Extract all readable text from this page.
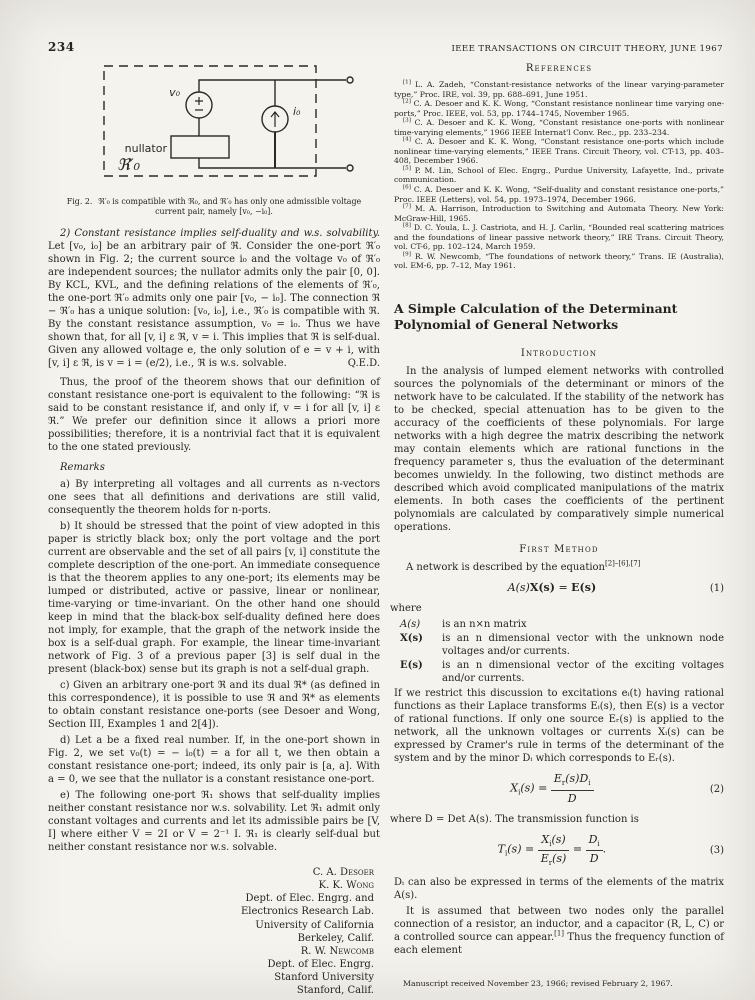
234	IEEE TRANSACTIONS ON CIRCUIT THEORY, JUNE 1967
v₀
i₀
nullator
ℜ′₀
Fig. 2. ℜ′₀ is compatible with ℜ₀, and ℜ′₀ has only one admissible voltage current pair, namely [v₀, −i₀].

2) Constant resistance implies self-duality and w.s. solvability. Let [v₀, i₀] be an arbitrary pair of ℜ. Consider the one-port ℜ′₀ shown in Fig. 2; the current source i₀ and the voltage v₀ of ℜ′₀ are independent sources; the nullator admits only the pair [0, 0]. By KCL, KVL, and the defining relations of the elements of ℜ′₀, the one-port ℜ′₀ admits only one pair [v₀, − i₀]. The connection ℜ − ℜ′₀ has a unique solution: [v₀, i₀], i.e., ℜ′₀ is compatible with ℜ. By the constant resistance assumption, v₀ = i₀. Thus we have shown that, for all [v, i] ε ℜ, v = i. This implies that ℜ is self-dual. Given any allowed voltage e, the only solution of e = v + i, with [v, i] ε ℜ, is v = i = (e/2), i.e., ℜ is w.s. solvable.	Q.E.D.

Thus, the proof of the theorem shows that our definition of constant resistance one-port is equivalent to the following: “ℜ is said to be constant resistance if, and only if, v = i for all [v, i] ε ℜ.” We prefer our definition since it allows a priori more possibilities; therefore, it is a nontrivial fact that it is equivalent to the one stated previously.

Remarks

a) By interpreting all voltages and all currents as n-vectors one sees that all definitions and derivations are still valid, consequently the theorem holds for n-ports.

b) It should be stressed that the point of view adopted in this paper is strictly black box; only the port voltage and the port current are observable and the set of all pairs [v, i] constitute the complete description of the one-port. An immediate consequence is that the theorem applies to any one-port; its elements may be lumped or distributed, active or passive, linear or nonlinear, time-varying or time-invariant. On the other hand one should keep in mind that the black-box self-duality defined here does not imply, for example, that the graph of the network inside the box is a self-dual graph. For example, the linear time-invariant network of Fig. 3 of a previous paper [3] is self dual in the present (black-box) sense but its graph is not a self-dual graph.

c) Given an arbitrary one-port ℜ and its dual ℜ* (as defined in this correspondence), it is possible to use ℜ and ℜ* as elements to obtain constant resistance one-ports (see Desoer and Wong, Section III, Examples 1 and 2[4]).

d) Let a be a fixed real number. If, in the one-port shown in Fig. 2, we set v₀(t) = − i₀(t) = a for all t, we then obtain a constant resistance one-port; indeed, its only pair is [a, a]. With a = 0, we see that the nullator is a constant resistance one-port.

e) The following one-port ℜ₁ shows that self-duality implies neither constant resistance nor w.s. solvability. Let ℜ₁ admit only constant voltages and currents and let its admissible pairs be [V, I] where either V = 2I or V = 2⁻¹ I. ℜ₁ is clearly self-dual but neither constant resistance nor w.s. solvable.

C. A. Desoer
K. K. Wong
Dept. of Elec. Engrg. and
Electronics Research Lab.
University of California
Berkeley, Calif.
R. W. Newcomb
Dept. of Elec. Engrg.
Stanford University
Stanford, Calif.
References

[1] L. A. Zadeh, “Constant-resistance networks of the linear varying-parameter type,” Proc. IRE, vol. 39, pp. 688–691, June 1951.

[2] C. A. Desoer and K. K. Wong, “Constant resistance nonlinear time varying one-ports,” Proc. IEEE, vol. 53, pp. 1744–1745, November 1965.

[3] C. A. Desoer and K. K. Wong, “Constant resistance one-ports with nonlinear time-varying elements,” 1966 IEEE Internat'l Conv. Rec., pp. 233–234.

[4] C. A. Desoer and K. K. Wong, “Constant resistance one-ports which include nonlinear time-varying elements,” IEEE Trans. Circuit Theory, vol. CT-13, pp. 403–408, December 1966.

[5] P. M. Lin, School of Elec. Engrg., Purdue University, Lafayette, Ind., private communication.

[6] C. A. Desoer and K. K. Wong, “Self-duality and constant resistance one-ports,” Proc. IEEE (Letters), vol. 54, pp. 1973–1974, December 1966.

[7] M. A. Harrison, Introduction to Switching and Automata Theory. New York: McGraw-Hill, 1965.

[8] D. C. Youla, L. J. Castriota, and H. J. Carlin, “Bounded real scattering matrices and the foundations of linear passive network theory,” IRE Trans. Circuit Theory, vol. CT-6, pp. 102–124, March 1959.

[9] R. W. Newcomb, “The foundations of network theory,” Trans. IE (Australia), vol. EM-6, pp. 7–12, May 1961.

A Simple Calculation of the Determinant Polynomial of General Networks
Introduction

In the analysis of lumped element networks with controlled sources the polynomials of the determinant or minors of the network have to be calculated. If the stability of the network has to be checked, special attenuation has to be given to the accuracy of the coefficients of these polynomials. For large networks with a high degree the matrix describing the network may contain elements which are rational functions in the frequency parameter s, thus the evaluation of the determinant becomes unwieldy. In the following, two distinct methods are described which avoid complicated manipulations of the matrix elements. In both cases the coefficients of the pertinent polynomials are calculated by comparatively simple numerical operations.

First Method

A network is described by the equation[2]–[6],[7]

A(s)X(s) = E(s)	(1)

where

A(s)	is an n×n matrix
X(s)	is an n dimensional vector with the unknown node voltages and/or currents.
E(s)	is an n dimensional vector of the exciting voltages and/or currents.

If we restrict this discussion to excitations eᵢ(t) having rational functions as their Laplace transforms Eᵢ(s), then E(s) is a vector of rational functions. If only one source Eᵣ(s) is applied to the network, all the unknown voltages or currents Xᵢ(s) can be expressed by Cramer's rule in terms of the determinant of the system and by the minor Dᵢ which corresponds to Eᵣ(s).

$X_i(s) = \frac{E_r(s)D_i}{D}$	(2)

where D = Det A(s). The transmission function is

$T_i(s) = \frac{X_i(s)}{E_r(s)} = \frac{D_i}{D}$ .	(3)

Dᵢ can also be expressed in terms of the elements of the matrix A(s).

It is assumed that between two nodes only the parallel connection of a resistor, an inductor, and a capacitor (R, L, C) or a controlled source can appear.[1] Thus the frequency function of each element

Manuscript received November 23, 1966; revised February 2, 1967.
